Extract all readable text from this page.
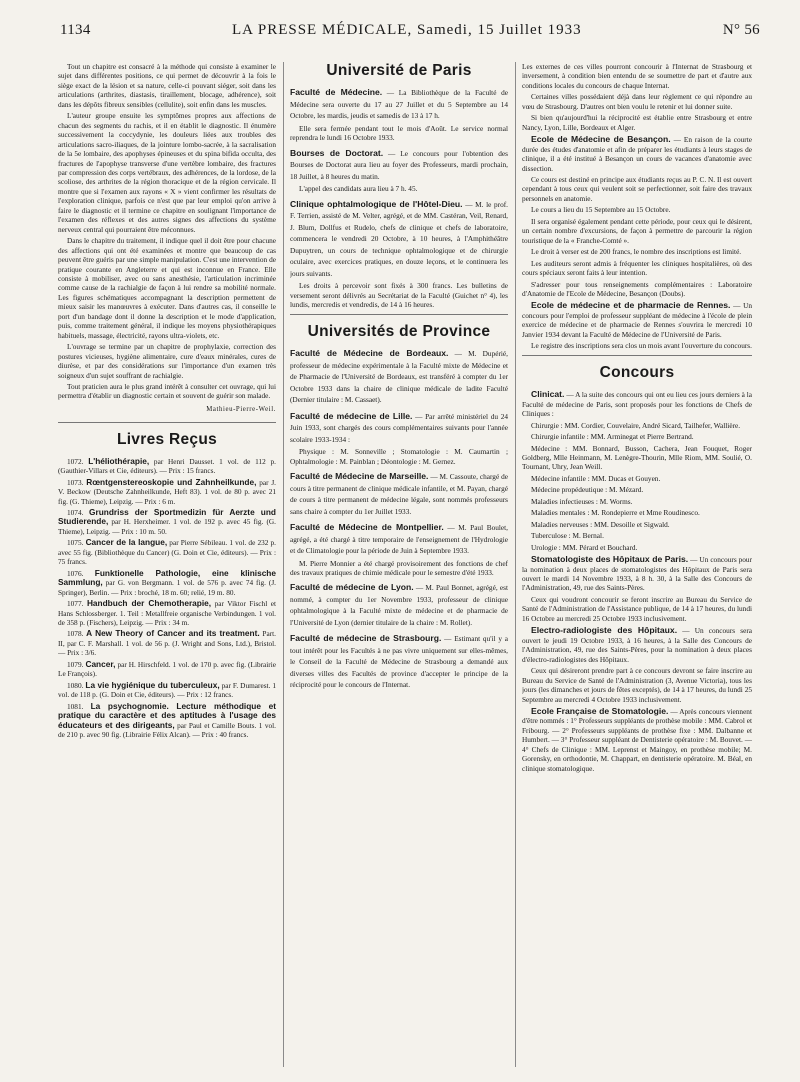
1134	LA PRESSE MÉDICALE, Samedi, 15 Juillet 1933	N° 56

Tout un chapitre est consacré à la méthode qui consiste à examiner le sujet dans différentes positions, ce qui permet de découvrir à la fois le siège exact de la lésion et sa nature, celle-ci pouvant siéger, soit dans les articulations (arthrites, diastasis, tiraillement, blocage, adhérence), soit dans les dépôts fibreux sensibles (cellulite), soit enfin dans les muscles.

L'auteur groupe ensuite les symptômes propres aux affections de chacun des segments du rachis, et il en établit le diagnostic. Il énumère successivement la coccydynie, les douleurs liées aux troubles des articulations sacro-iliaques, de la jointure lombo-sacrée, à la sacralisation de la 5e lombaire, des apophyses épineuses et du spina bifida occulta, des fractures de l'apophyse transverse d'une vertèbre lombaire, des fractures par compression des corps vertébraux, des adhérences, de la lordose, de la scoliose, des arthrites de la région thoracique et de la région cervicale. Il montre que si l'examen aux rayons « X » vient confirmer les résultats de l'exploration clinique, parfois ce n'est que par leur emploi qu'on arrive à faire le diagnostic et il termine ce chapitre en soulignant l'importance de l'examen des réflexes et des autres signes des affections du système nerveux central qui pourraient être méconnues.

Dans le chapitre du traitement, il indique quel il doit être pour chacune des affections qui ont été examinées et montre que beaucoup de cas peuvent être guéris par une simple manipulation. C'est une intervention de pratique courante en Angleterre et qui est inconnue en France. Elle consiste à mobiliser, avec ou sans anesthésie, l'articulation incriminée comme cause de la rachialgie de façon à lui rendre sa mobilité normale. Les figures schématiques accompagnant la description permettent de mieux saisir les manœuvres à exécuter. Dans d'autres cas, il conseille le port d'un bandage dont il donne la description et le mode d'application, puis, comme traitement général, il indique les moyens physiothérapiques habituels, massage, électricité, rayons ultra-violets, etc.

L'ouvrage se termine par un chapitre de prophylaxie, correction des postures vicieuses, hygiène alimentaire, cure d'eaux minérales, cures de diurèse, et par des considérations sur l'importance d'un examen très soigneux d'un sujet souffrant de rachialgie.

Tout praticien aura le plus grand intérêt à consulter cet ouvrage, qui lui permettra d'établir un diagnostic certain et souvent de guérir son malade.

Mathieu-Pierre-Weil.
Livres Reçus

1072. L'héliothérapie, par Henri Dausset. 1 vol. de 112 p. (Gauthier-Villars et Cie, éditeurs). — Prix : 15 francs.

1073. Rœntgenstereoskopie und Zahnheilkunde, par J. V. Beckow (Deutsche Zahnheilkunde, Heft 83). 1 vol. de 80 p. avec 21 fig. (G. Thieme), Leipzig. — Prix : 6 m.

1074. Grundriss der Sportmedizin für Aerzte und Studierende, par H. Herxheimer. 1 vol. de 192 p. avec 45 fig. (G. Thieme), Leipzig. — Prix : 10 m. 50.

1075. Cancer de la langue, par Pierre Sébileau. 1 vol. de 232 p. avec 55 fig. (Bibliothèque du Cancer) (G. Doin et Cie, éditeurs). — Prix : 75 francs.

1076. Funktionelle Pathologie, eine klinische Sammlung, par G. von Bergmann. 1 vol. de 576 p. avec 74 fig. (J. Springer), Berlin. — Prix : broché, 18 m. 60; relié, 19 m. 80.

1077. Handbuch der Chemotherapie, par Viktor Fischl et Hans Schlossberger. 1. Teil : Metallfreie organische Verbindungen. 1 vol. de 358 p. (Fischers), Leipzig. — Prix : 34 m.

1078. A New Theory of Cancer and its treatment. Part. II, par C. F. Marshall. 1 vol. de 56 p. (J. Wright and Sons, Ltd.), Bristol. — Prix : 3/6.

1079. Cancer, par H. Hirschfeld. 1 vol. de 170 p. avec fig. (Librairie Le François).

1080. La vie hygiénique du tuberculeux, par F. Dumarest. 1 vol. de 118 p. (G. Doin et Cie, éditeurs). — Prix : 12 francs.

1081. La psychognomie. Lecture méthodique et pratique du caractère et des aptitudes à l'usage des éducateurs et des dirigeants, par Paul et Camille Bouts. 1 vol. de 210 p. avec 90 fig. (Librairie Félix Alcan). — Prix : 40 francs.

Université de Paris
Faculté de Médecine. — La Bibliothèque de la Faculté de Médecine sera ouverte du 17 au 27 Juillet et du 5 Septembre au 14 Octobre, les mardis, jeudis et samedis de 13 à 17 h.

Elle sera fermée pendant tout le mois d'Août. Le service normal reprendra le lundi 16 Octobre 1933.

Bourses de Doctorat. — Le concours pour l'obtention des Bourses de Doctorat aura lieu au foyer des Professeurs, mardi prochain, 18 Juillet, à 8 heures du matin.

L'appel des candidats aura lieu à 7 h. 45.

Clinique ophtalmologique de l'Hôtel-Dieu. — M. le prof. F. Terrien, assisté de M. Velter, agrégé, et de MM. Castéran, Veil, Renard, J. Blum, Dollfus et Rudelo, chefs de clinique et chefs de laboratoire, commencera le vendredi 20 Octobre, à 10 heures, à l'Amphithéâtre Dupuytren, un cours de technique ophtalmologique et de chirurgie oculaire, avec exercices pratiques, en douze leçons, et le continuera les jours suivants.

Les droits à percevoir sont fixés à 300 francs. Les bulletins de versement seront délivrés au Secrétariat de la Faculté (Guichet n° 4), les lundis, mercredis et vendredis, de 14 à 16 heures.

Universités de Province
Faculté de Médecine de Bordeaux. — M. Dupérié, professeur de médecine expérimentale à la Faculté mixte de Médecine et de Pharmacie de l'Université de Bordeaux, est transféré à compter du 1er Octobre 1933 dans la chaire de clinique médicale de ladite Faculté (Dernier titulaire : M. Cassaet).
Faculté de médecine de Lille. — Par arrêté ministériel du 24 Juin 1933, sont chargés des cours complémentaires suivants pour l'année scolaire 1933-1934 :

Physique : M. Sonneville ; Stomatologie : M. Caumartin ; Ophtalmologie : M. Painblan ; Déontologie : M. Gernez.

Faculté de Médecine de Marseille. — M. Cassoute, chargé de cours à titre permanent de clinique médicale infantile, et M. Payan, chargé de cours à titre permanent de médecine légale, sont nommés professeurs sans chaire à compter du 1er Juillet 1933.
Faculté de Médecine de Montpellier. — M. Paul Boulet, agrégé, a été chargé à titre temporaire de l'enseignement de l'Hydrologie et de Climatologie pour la période de Juin à Septembre 1933.

M. Pierre Monnier a été chargé provisoirement des fonctions de chef des travaux pratiques de chimie médicale pour le semestre d'été 1933.

Faculté de médecine de Lyon. — M. Paul Bonnet, agrégé, est nommé, à compter du 1er Novembre 1933, professeur de clinique ophtalmologique à la Faculté mixte de médecine et de pharmacie de l'Université de Lyon (dernier titulaire de la chaire : M. Rollet).
Faculté de médecine de Strasbourg. — Estimant qu'il y a tout intérêt pour les Facultés à ne pas vivre uniquement sur elles-mêmes, le Conseil de la Faculté de Médecine de Strasbourg a demandé aux diverses villes des Facultés de province d'accepter le principe de la réciprocité pour le concours de l'Internat.

Les externes de ces villes pourront concourir à l'Internat de Strasbourg et inversement, à condition bien entendu de se soumettre de part et d'autre aux conditions locales du concours de chaque Internat.

Certaines villes possédaient déjà dans leur règlement ce qui répondre au vœu de Strasbourg. D'autres ont bien voulu le retenir et lui donner suite.

Si bien qu'aujourd'hui la réciprocité est établie entre Strasbourg et entre Nancy, Lyon, Lille, Bordeaux et Alger.

Ecole de Médecine de Besançon. — En raison de la courte durée des études d'anatomie et afin de préparer les étudiants à leurs stages de clinique, il a été institué à Besançon un cours de vacances d'anatomie avec dissection.

Ce cours est destiné en principe aux étudiants reçus au P. C. N. Il est ouvert cependant à tous ceux qui veulent soit se perfectionner, soit faire des travaux personnels en anatomie.

Le cours a lieu du 15 Septembre au 15 Octobre.

Il sera organisé également pendant cette période, pour ceux qui le désirent, un certain nombre d'excursions, de façon à permettre de parcourir la région touristique de la « Franche-Comté ».

Le droit à verser est de 200 francs, le nombre des inscriptions est limité.

Les auditeurs seront admis à fréquenter les cliniques hospitalières, où des cours spéciaux seront faits à leur intention.

S'adresser pour tous renseignements complémentaires : Laboratoire d'Anatomie de l'Ecole de Médecine, Besançon (Doubs).

Ecole de médecine et de pharmacie de Rennes. — Un concours pour l'emploi de professeur suppléant de médecine à l'école de plein exercice de médecine et de pharmacie de Rennes s'ouvrira le mercredi 10 Janvier 1934 devant la Faculté de Médecine de l'Université de Paris.

Le registre des inscriptions sera clos un mois avant l'ouverture du concours.

Concours

Clinicat. — A la suite des concours qui ont eu lieu ces jours derniers à la Faculté de médecine de Paris, sont proposés pour les fonctions de Chefs de Cliniques :

Chirurgie : MM. Cordier, Couvelaire, André Sicard, Tailhefer, Wallière.

Chirurgie infantile : MM. Arminegat et Pierre Bertrand.

Médecine : MM. Bonnard, Busson, Cachera, Jean Fouquet, Roger Goldberg, Mlle Heinmann, M. Lenègre-Thourin, Mlle Riom, MM. Soulié, O. Tournant, Uhry, Jean Weill.

Médecine infantile : MM. Ducas et Gouyen.

Médecine propédeutique : M. Mézard.

Maladies infectieuses : M. Worms.

Maladies mentales : M. Rondepierre et Mme Roudinesco.

Maladies nerveuses : MM. Desoille et Sigwald.

Tuberculose : M. Bernal.

Urologie : MM. Pérard et Bouchard.

Stomatologiste des Hôpitaux de Paris. — Un concours pour la nomination à deux places de stomatologistes des Hôpitaux de Paris sera ouvert le mardi 14 Novembre 1933, à 8 h. 30, à la Salle des Concours de l'Administration, 49, rue des Saints-Pères.

Ceux qui voudront concourir se feront inscrire au Bureau du Service de Santé de l'Administration de l'Assistance publique, de 14 à 17 heures, du lundi 16 Octobre au mercredi 25 Octobre 1933 inclusivement.

Electro-radiologiste des Hôpitaux. — Un concours sera ouvert le jeudi 19 Octobre 1933, à 16 heures, à la Salle des Concours de l'Administration, 49, rue des Saints-Pères, pour la nomination à deux places d'électro-radiologistes des Hôpitaux.

Ceux qui désireront prendre part à ce concours devront se faire inscrire au Bureau du Service de Santé de l'Administration (3, Avenue Victoria), tous les jours (les dimanches et jours de fêtes exceptés), de 14 à 17 heures, du lundi 25 Septembre au mercredi 4 Octobre 1933 inclusivement.

Ecole Française de Stomatologie. — Après concours viennent d'être nommés : 1° Professeurs suppléants de prothèse mobile : MM. Cabrol et Fribourg. — 2° Professeurs suppléants de prothèse fixe : MM. Dalbanne et Humbert. — 3° Professeur suppléant de Dentisterie opératoire : M. Bouvet. — 4° Chefs de Clinique : MM. Leprenst et Maingoy, en prothèse mobile; M. Gorensky, en orthodontie, M. Chappart, en dentisterie opératoire. M. Béal, en clinique stomatologique.
